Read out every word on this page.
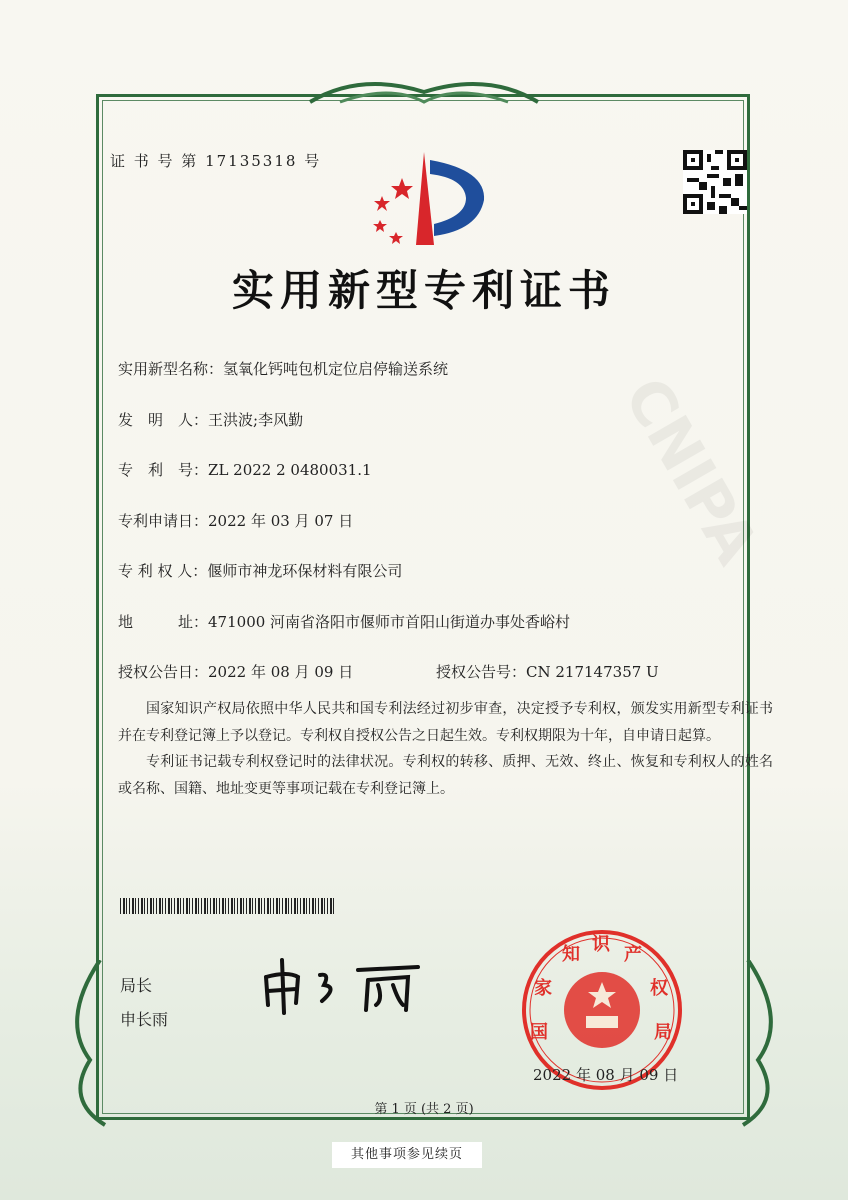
CNIPA
证 书 号 第 17135318 号
实用新型专利证书
实用新型名称：氢氧化钙吨包机定位启停输送系统
发　明　人：王洪波;李风勤
专　利　号：ZL 2022 2 0480031.1
专利申请日：2022 年 03 月 07 日
专 利 权 人：偃师市神龙环保材料有限公司
地　　　址：471000 河南省洛阳市偃师市首阳山街道办事处香峪村
授权公告日：2022 年 08 月 09 日	授权公告号：CN 217147357 U

国家知识产权局依照中华人民共和国专利法经过初步审查，决定授予专利权，颁发实用新型专利证书并在专利登记簿上予以登记。专利权自授权公告之日起生效。专利权期限为十年，自申请日起算。

专利证书记载专利权登记时的法律状况。专利权的转移、质押、无效、终止、恢复和专利权人的姓名或名称、国籍、地址变更等事项记载在专利登记簿上。

局长
申长雨
国
家
知 识 产
权
局
2022 年 08 月 09 日
第 1 页 (共 2 页)
其他事项参见续页
